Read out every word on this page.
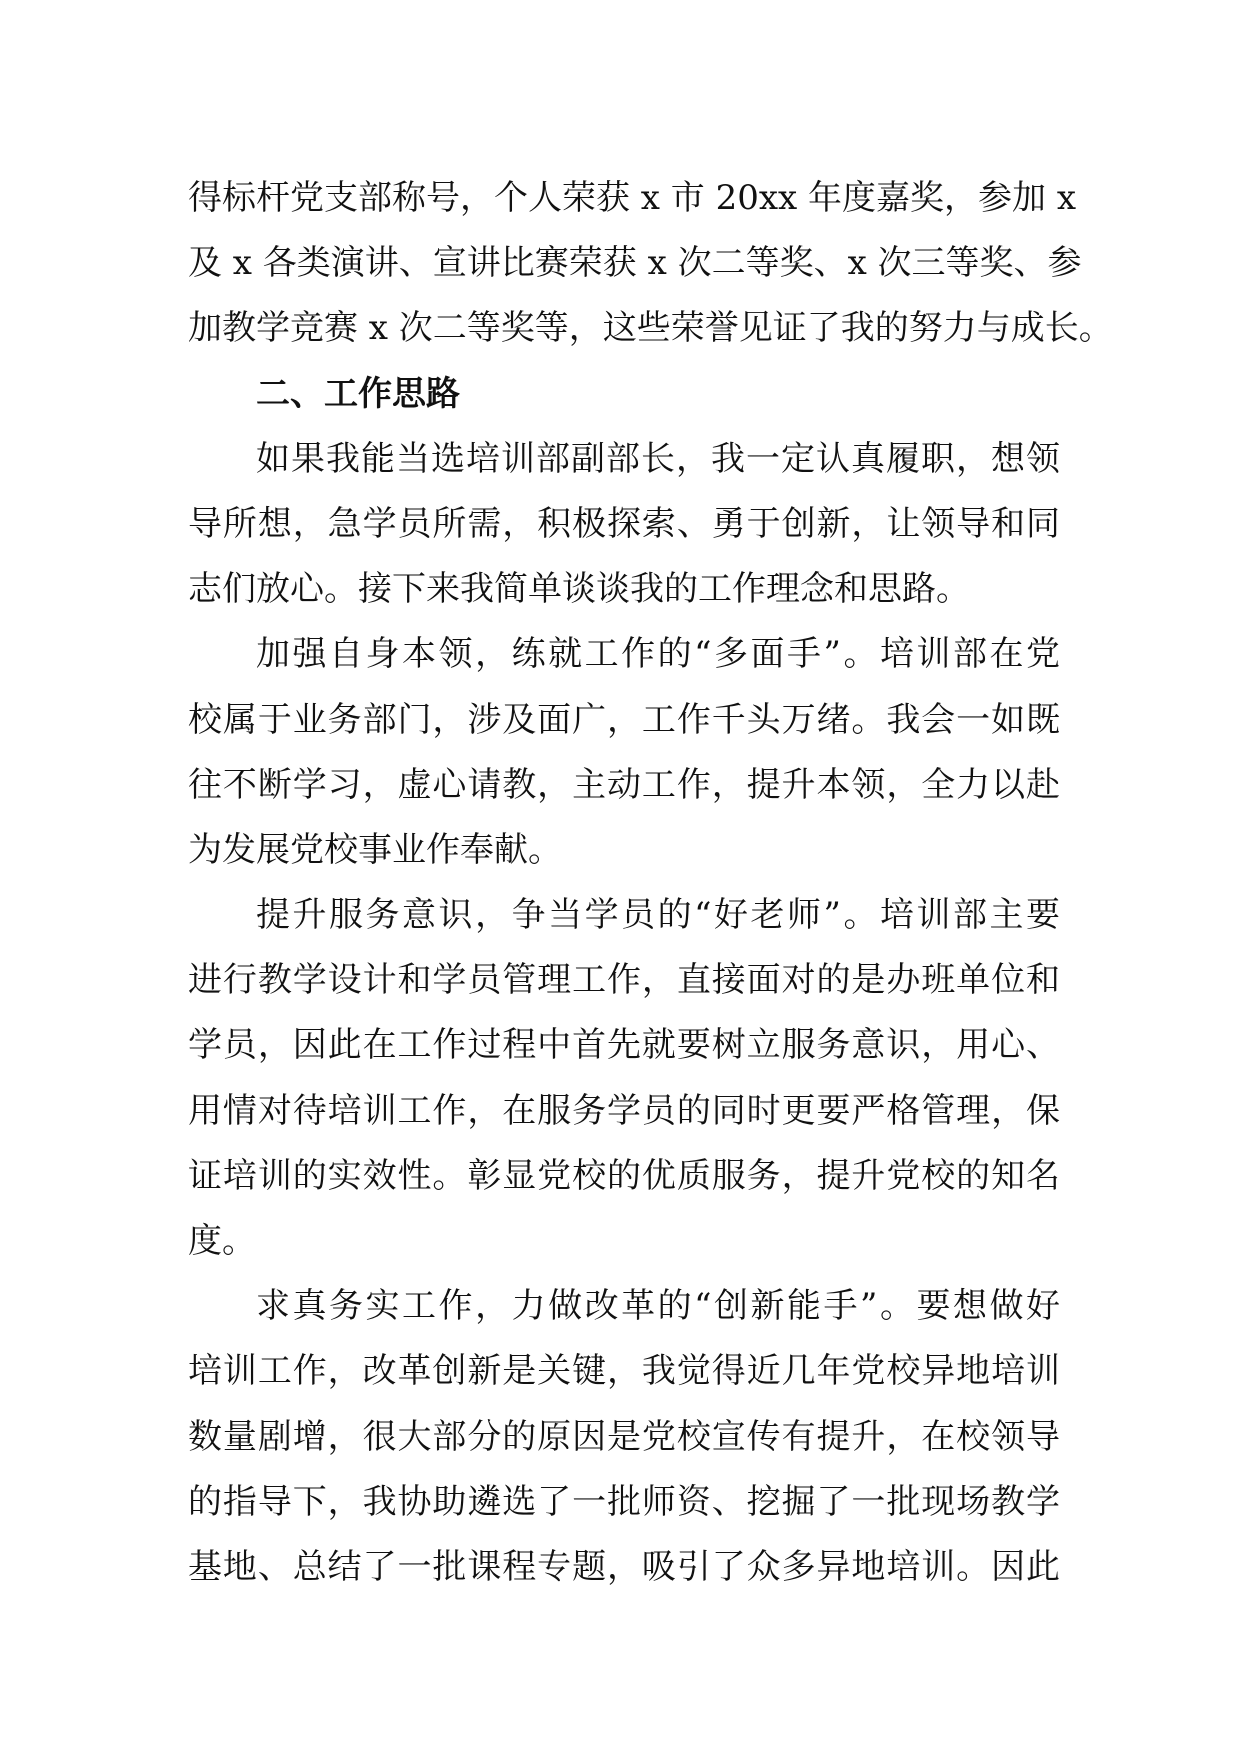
得标杆党支部称号，个人荣获 x 市 20xx 年度嘉奖，参加 x
及 x 各类演讲、宣讲比赛荣获 x 次二等奖、x 次三等奖、参
加教学竞赛 x 次二等奖等，这些荣誉见证了我的努力与成长。
二、工作思路
如果我能当选培训部副部长，我一定认真履职，想领
导所想，急学员所需，积极探索、勇于创新，让领导和同
志们放心。接下来我简单谈谈我的工作理念和思路。
加强自身本领，练就工作的“多面手”。培训部在党
校属于业务部门，涉及面广，工作千头万绪。我会一如既
往不断学习，虚心请教，主动工作，提升本领，全力以赴
为发展党校事业作奉献。
提升服务意识，争当学员的“好老师”。培训部主要
进行教学设计和学员管理工作，直接面对的是办班单位和
学员，因此在工作过程中首先就要树立服务意识，用心、
用情对待培训工作，在服务学员的同时更要严格管理，保
证培训的实效性。彰显党校的优质服务，提升党校的知名
度。
求真务实工作，力做改革的“创新能手”。要想做好
培训工作，改革创新是关键，我觉得近几年党校异地培训
数量剧增，很大部分的原因是党校宣传有提升，在校领导
的指导下，我协助遴选了一批师资、挖掘了一批现场教学
基地、总结了一批课程专题，吸引了众多异地培训。因此
